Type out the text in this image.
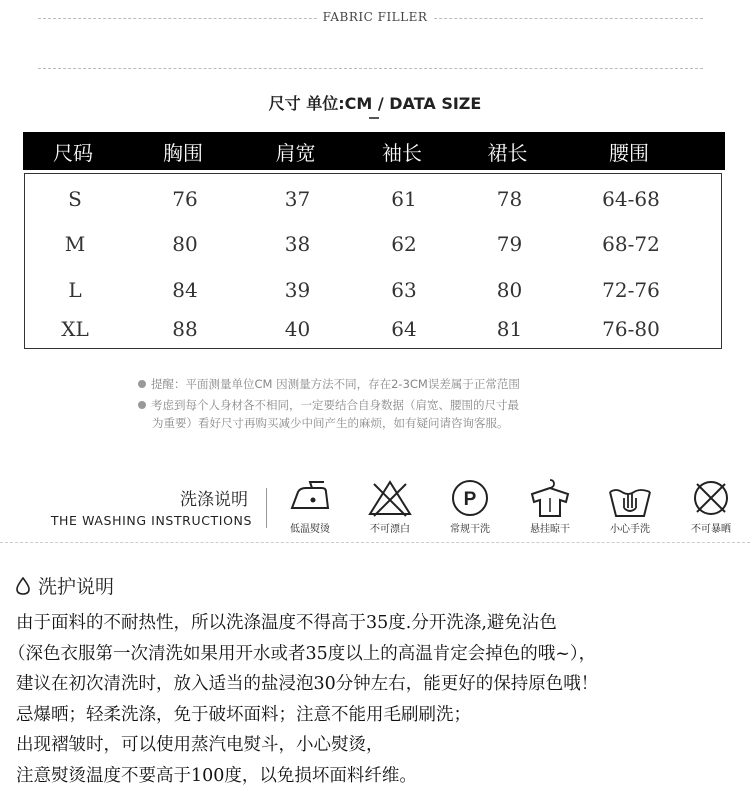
FABRIC FILLER
尺寸 单位:CM / DATA SIZE
尺码	胸围	肩宽	袖长	裙长	腰围
S	76	37	61	78	64-68
M	80	38	62	79	68-72
L	84	39	63	80	72-76
XL	88	40	64	81	76-80
提醒：平面测量单位CM 因测量方法不同，存在2-3CM误差属于正常范围
考虑到每个人身材各不相同，一定要结合自身数据（肩宽、腰围的尺寸最
为重要）看好尺寸再购买减少中间产生的麻烦，如有疑问请咨询客服。
洗涤说明
THE WASHING INSTRUCTIONS
低温熨烫	不可漂白
P
常规干洗	悬挂晾干	小心手洗	不可暴晒
洗护说明
由于面料的不耐热性，所以洗涤温度不得高于35度.分开洗涤,避免沾色
（深色衣服第一次清洗如果用开水或者35度以上的高温肯定会掉色的哦~），
建议在初次清洗时，放入适当的盐浸泡30分钟左右，能更好的保持原色哦！
忌爆晒；轻柔洗涤，免于破坏面料；注意不能用毛刷刷洗；
出现褶皱时，可以使用蒸汽电熨斗，小心熨烫，
注意熨烫温度不要高于100度，以免损坏面料纤维。
